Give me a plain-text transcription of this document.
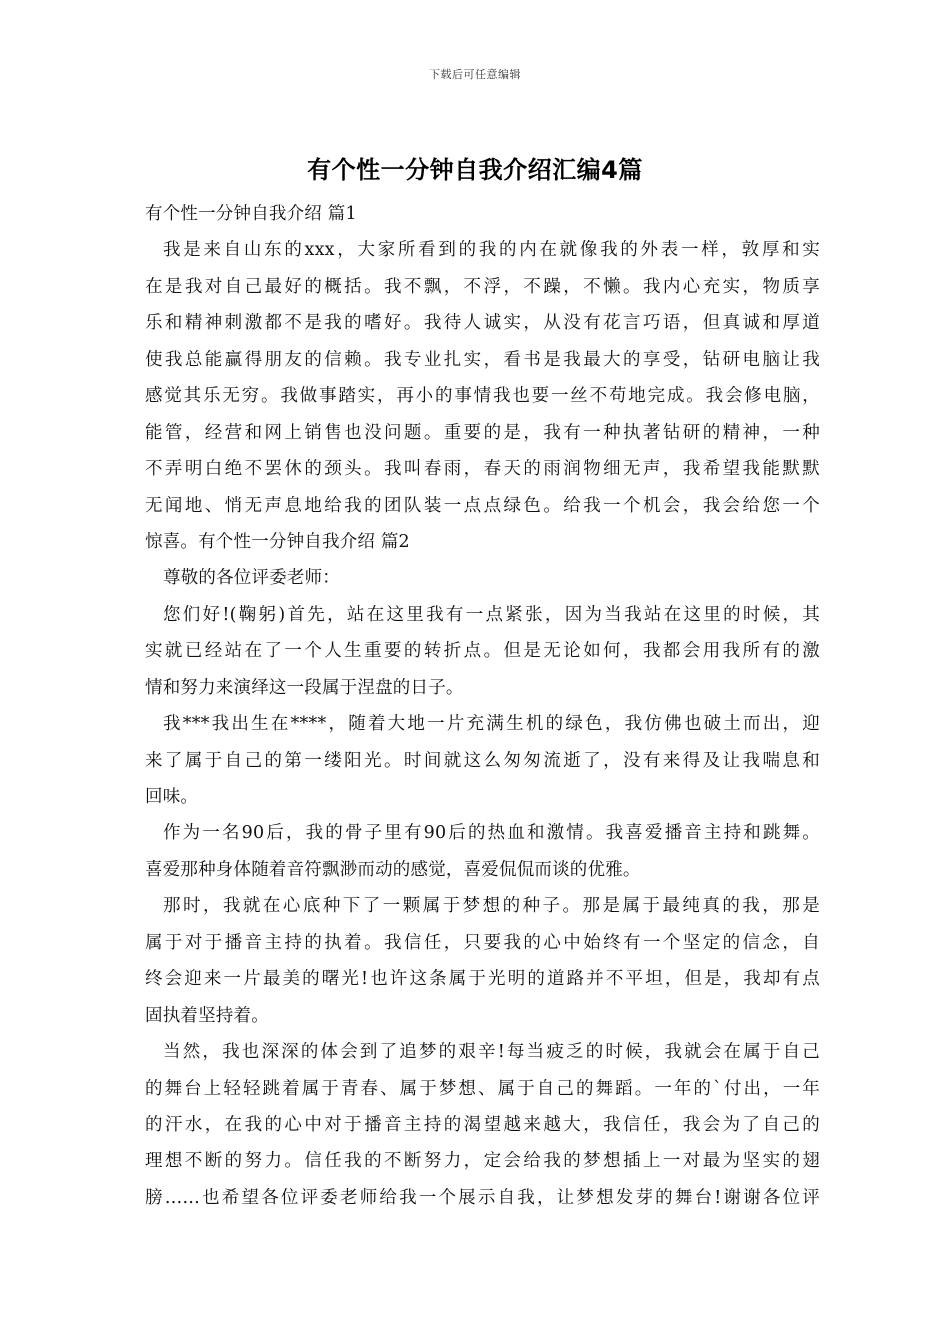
下载后可任意编辑
有个性一分钟自我介绍汇编4篇
有个性一分钟自我介绍 篇1
我是来自山东的xxx，大家所看到的我的内在就像我的外表一样，敦厚和实
在是我对自己最好的概括。我不飘，不浮，不躁，不懒。我内心充实，物质享
乐和精神刺激都不是我的嗜好。我待人诚实，从没有花言巧语，但真诚和厚道
使我总能赢得朋友的信赖。我专业扎实，看书是我最大的享受，钻研电脑让我
感觉其乐无穷。我做事踏实，再小的事情我也要一丝不苟地完成。我会修电脑，
能管，经营和网上销售也没问题。重要的是，我有一种执著钻研的精神，一种
不弄明白绝不罢休的颈头。我叫春雨，春天的雨润物细无声，我希望我能默默
无闻地、悄无声息地给我的团队装一点点绿色。给我一个机会，我会给您一个
惊喜。有个性一分钟自我介绍 篇2
尊敬的各位评委老师：
您们好!(鞠躬)首先，站在这里我有一点紧张，因为当我站在这里的时候，其
实就已经站在了一个人生重要的转折点。但是无论如何，我都会用我所有的激
情和努力来演绎这一段属于涅盘的日子。
我***我出生在****，随着大地一片充满生机的绿色，我仿佛也破土而出，迎
来了属于自己的第一缕阳光。时间就这么匆匆流逝了，没有来得及让我喘息和
回味。
作为一名90后，我的骨子里有90后的热血和激情。我喜爱播音主持和跳舞。
喜爱那种身体随着音符飘渺而动的感觉，喜爱侃侃而谈的优雅。
那时，我就在心底种下了一颗属于梦想的种子。那是属于最纯真的我，那是
属于对于播音主持的执着。我信任，只要我的心中始终有一个坚定的信念，自
终会迎来一片最美的曙光!也许这条属于光明的道路并不平坦，但是，我却有点
固执着坚持着。
当然，我也深深的体会到了追梦的艰辛!每当疲乏的时候，我就会在属于自己
的舞台上轻轻跳着属于青春、属于梦想、属于自己的舞蹈。一年的`付出，一年
的汗水，在我的心中对于播音主持的渴望越来越大，我信任，我会为了自己的
理想不断的努力。信任我的不断努力，定会给我的梦想插上一对最为坚实的翅
膀……也希望各位评委老师给我一个展示自我，让梦想发芽的舞台!谢谢各位评
